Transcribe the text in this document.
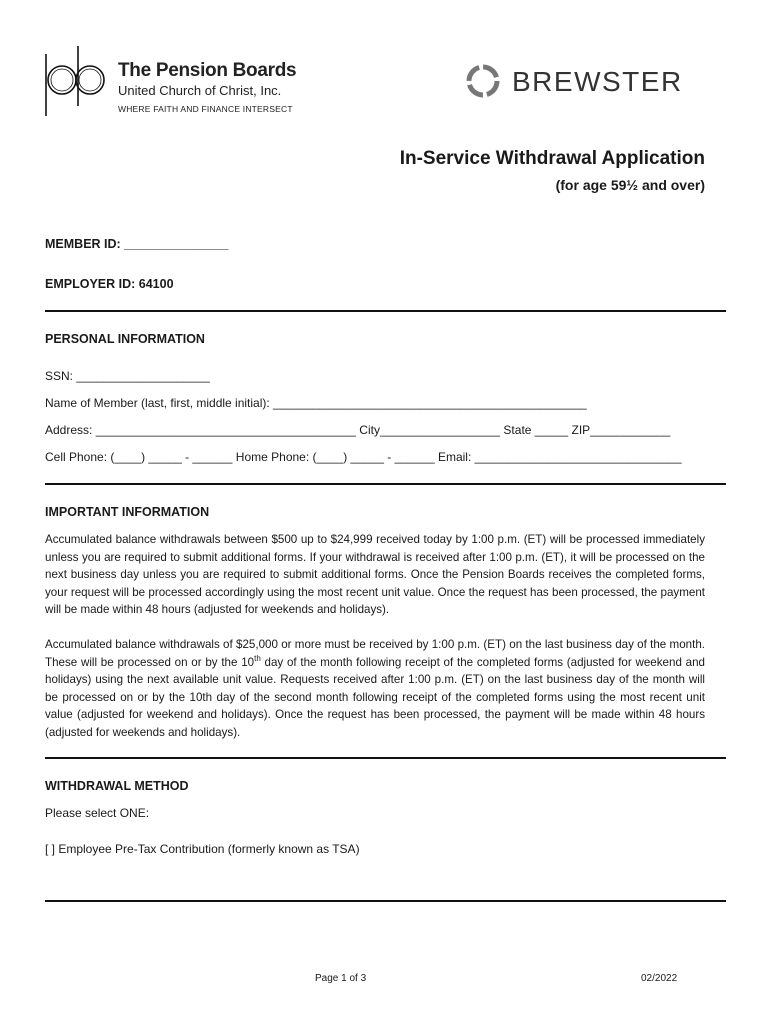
The Pension Boards
United Church of Christ, Inc.
WHERE FAITH AND FINANCE INTERSECT
BREWSTER
In-Service Withdrawal Application
(for age 59½ and over)
MEMBER ID: _______________
EMPLOYER ID: 64100
PERSONAL INFORMATION
SSN: ____________________
Name of Member (last, first, middle initial): _______________________________________________
Address: _______________________________________ City__________________ State _____ ZIP____________
Cell Phone: (____) _____ - ______ Home Phone: (____) _____ - ______ Email: _______________________________
IMPORTANT INFORMATION
Accumulated balance withdrawals between $500 up to $24,999 received today by 1:00 p.m. (ET) will be processed immediately unless you are required to submit additional forms. If your withdrawal is received after 1:00 p.m. (ET), it will be processed on the next business day unless you are required to submit additional forms. Once the Pension Boards receives the completed forms, your request will be processed accordingly using the most recent unit value. Once the request has been processed, the payment will be made within 48 hours (adjusted for weekends and holidays).
Accumulated balance withdrawals of $25,000 or more must be received by 1:00 p.m. (ET) on the last business day of the month. These will be processed on or by the 10th day of the month following receipt of the completed forms (adjusted for weekend and holidays) using the next available unit value. Requests received after 1:00 p.m. (ET) on the last business day of the month will be processed on or by the 10th day of the second month following receipt of the completed forms using the most recent unit value (adjusted for weekend and holidays). Once the request has been processed, the payment will be made within 48 hours (adjusted for weekends and holidays).
WITHDRAWAL METHOD
Please select ONE:
[ ] Employee Pre-Tax Contribution (formerly known as TSA)
Page 1 of 3	02/2022
